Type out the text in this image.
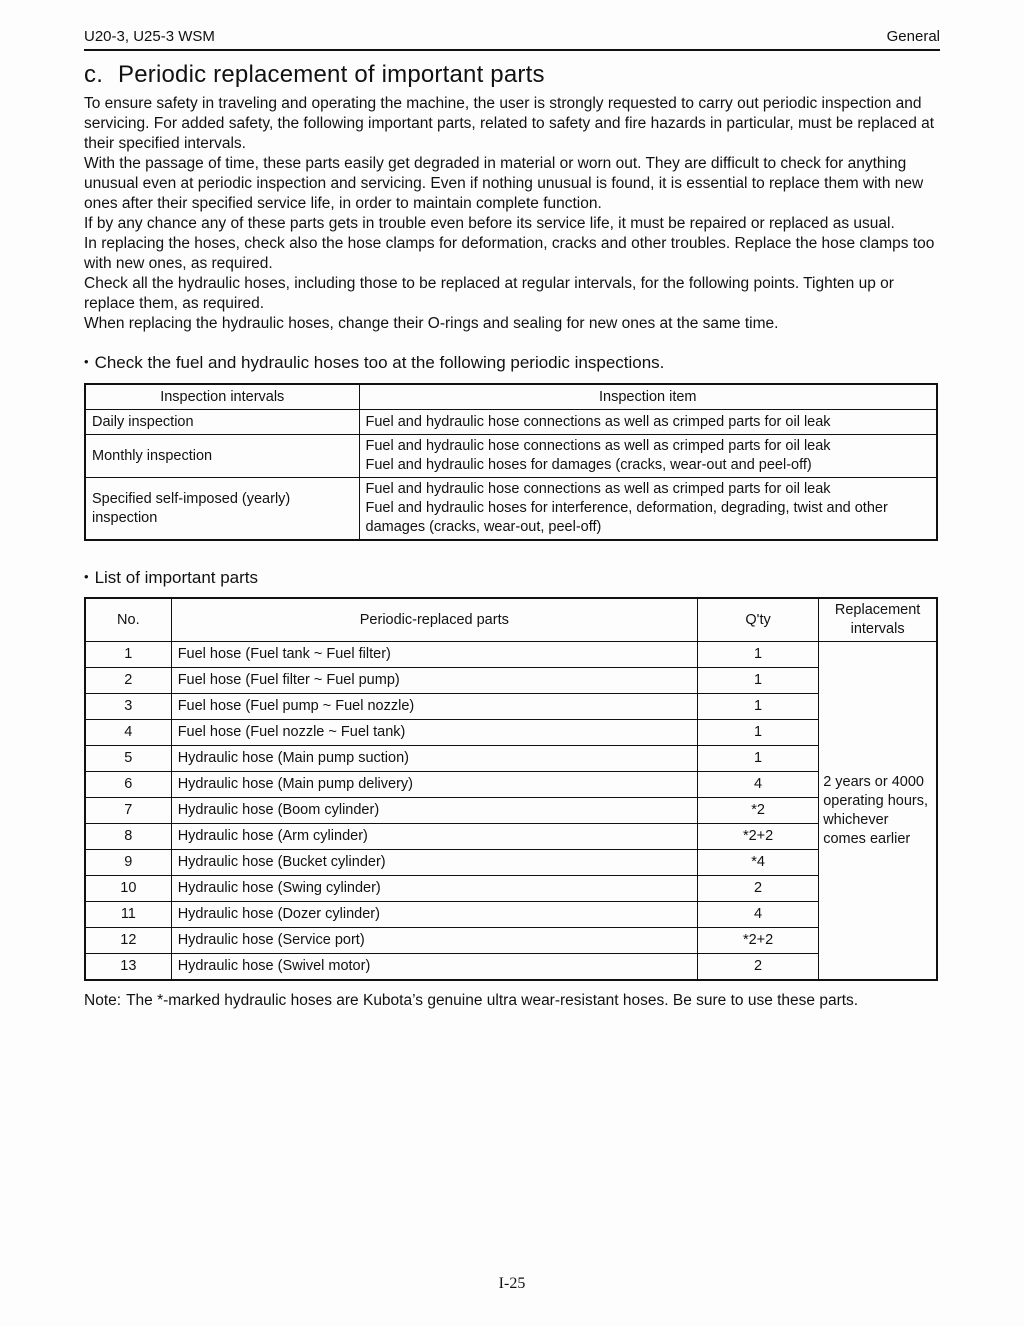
U20-3, U25-3 WSM	General
c. Periodic replacement of important parts

To ensure safety in traveling and operating the machine, the user is strongly requested to carry out periodic inspection and servicing. For added safety, the following important parts, related to safety and fire hazards in particular, must be replaced at their specified intervals.

With the passage of time, these parts easily get degraded in material or worn out. They are difficult to check for anything unusual even at periodic inspection and servicing. Even if nothing unusual is found, it is essential to replace them with new ones after their specified service life, in order to maintain complete function.

If by any chance any of these parts gets in trouble even before its service life, it must be repaired or replaced as usual.

In replacing the hoses, check also the hose clamps for deformation, cracks and other troubles. Replace the hose clamps too with new ones, as required.

Check all the hydraulic hoses, including those to be replaced at regular intervals, for the following points. Tighten up or replace them, as required.

When replacing the hydraulic hoses, change their O-rings and sealing for new ones at the same time.

• Check the fuel and hydraulic hoses too at the following periodic inspections.
Inspection intervals	Inspection item
Daily inspection	Fuel and hydraulic hose connections as well as crimped parts for oil leak

Monthly inspection	Fuel and hydraulic hose connections as well as crimped parts for oil leak
Fuel and hydraulic hoses for damages (cracks, wear-out and peel-off)

Specified self-imposed (yearly) inspection	Fuel and hydraulic hose connections as well as crimped parts for oil leak
Fuel and hydraulic hoses for interference, deformation, degrading, twist and other damages (cracks, wear-out, peel-off)
• List of important parts
No.	Periodic-replaced parts	Q'ty	Replacement intervals
1	Fuel hose (Fuel tank ~ Fuel filter)	1	2 years or 4000 operating hours, whichever comes earlier
2	Fuel hose (Fuel filter ~ Fuel pump)	1	
3	Fuel hose (Fuel pump ~ Fuel nozzle)	1	
4	Fuel hose (Fuel nozzle ~ Fuel tank)	1	
5	Hydraulic hose (Main pump suction)	1	
6	Hydraulic hose (Main pump delivery)	4	
7	Hydraulic hose (Boom cylinder)	*2	
8	Hydraulic hose (Arm cylinder)	*2+2	
9	Hydraulic hose (Bucket cylinder)	*4	
10	Hydraulic hose (Swing cylinder)	2	
11	Hydraulic hose (Dozer cylinder)	4	
12	Hydraulic hose (Service port)	*2+2	
13	Hydraulic hose (Swivel motor)	2	
Note: The *-marked hydraulic hoses are Kubota’s genuine ultra wear-resistant hoses. Be sure to use these parts.
I-25
